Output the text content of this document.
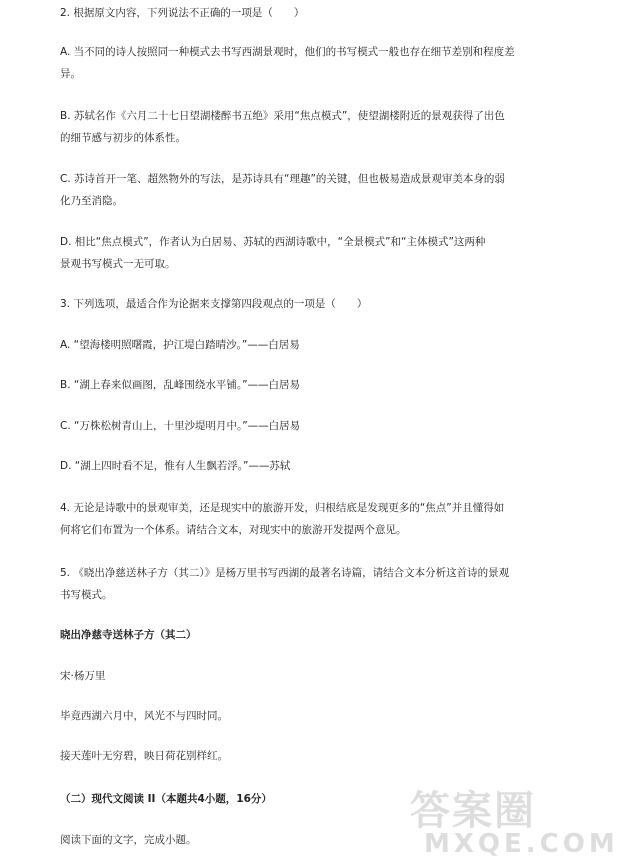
2. 根据原文内容，下列说法不正确的一项是（　　）
A. 当不同的诗人按照同一种模式去书写西湖景观时，他们的书写模式一般也存在细节差别和程度差
异。
B. 苏轼名作《六月二十七日望湖楼醉书五绝》采用“焦点模式”，使望湖楼附近的景观获得了出色
的细节感与初步的体系性。
C. 苏诗首开一笔、超然物外的写法，是苏诗具有“理趣”的关键，但也极易造成景观审美本身的弱
化乃至消隐。
D. 相比“焦点模式”，作者认为白居易、苏轼的西湖诗歌中，“全景模式”和“主体模式”这两种
景观书写模式一无可取。
3. 下列选项，最适合作为论据来支撑第四段观点的一项是（　　）
A. “望海楼明照曙霞，护江堤白踏晴沙。”——白居易
B. “湖上春来似画图，乱峰围绕水平铺。”——白居易
C. “万株松树青山上，十里沙堤明月中。”——白居易
D. “湖上四时看不足，惟有人生飘若浮。”——苏轼
4. 无论是诗歌中的景观审美，还是现实中的旅游开发，归根结底是发现更多的“焦点”并且懂得如
何将它们布置为一个体系。请结合文本，对现实中的旅游开发提两个意见。
5. 《晓出净慈送林子方（其二）》是杨万里书写西湖的最著名诗篇，请结合文本分析这首诗的景观
书写模式。
晓出净慈寺送林子方（其二）
宋·杨万里
毕竟西湖六月中，风光不与四时同。
接天莲叶无穷碧，映日荷花别样红。
（二）现代文阅读 II（本题共4小题，16分）
阅读下面的文字，完成小题。
答案圈
MXQE.COM
